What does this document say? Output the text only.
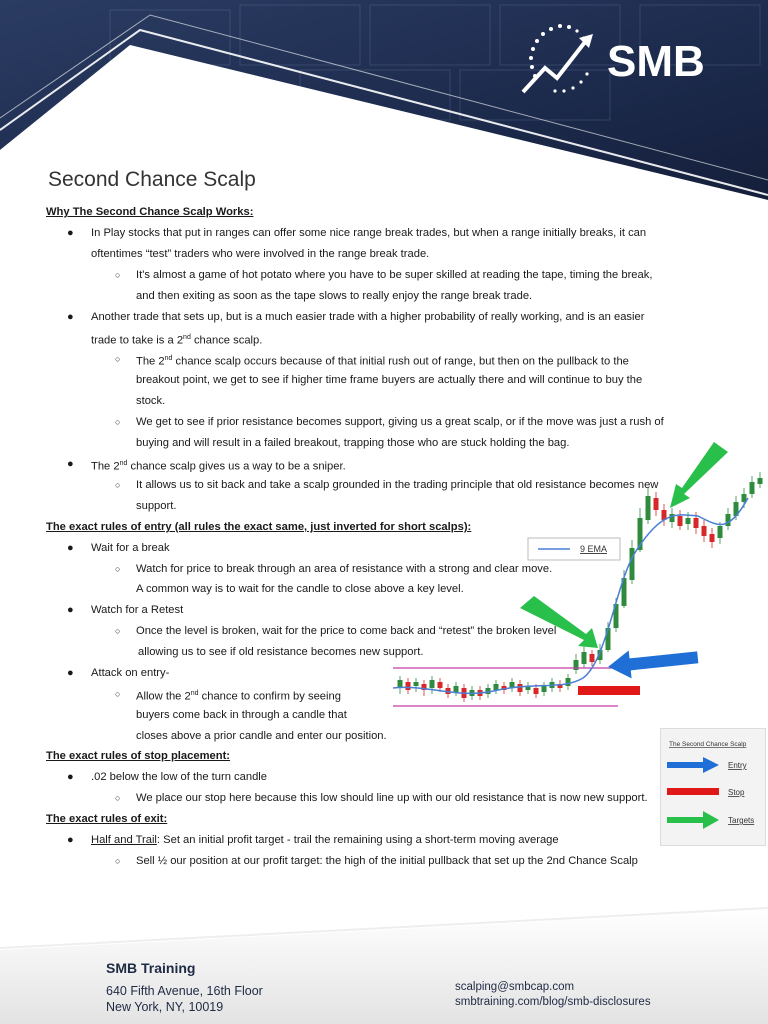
SMB
Second Chance Scalp
Why The Second Chance Scalp Works:
● In Play stocks that put in ranges can offer some nice range break trades, but when a range initially breaks, it can
oftentimes “test” traders who were involved in the range break trade.
○ It's almost a game of hot potato where you have to be super skilled at reading the tape, timing the break,
and then exiting as soon as the tape slows to really enjoy the range break trade.
● Another trade that sets up, but is a much easier trade with a higher probability of really working, and is an easier
trade to take is a 2nd chance scalp.
○ The 2nd chance scalp occurs because of that initial rush out of range, but then on the pullback to the
breakout point, we get to see if higher time frame buyers are actually there and will continue to buy the
stock.
○ We get to see if prior resistance becomes support, giving us a great scalp, or if the move was just a rush of
buying and will result in a failed breakout, trapping those who are stuck holding the bag.
● The 2nd chance scalp gives us a way to be a sniper.
○ It allows us to sit back and take a scalp grounded in the trading principle that old resistance becomes new
support.
The exact rules of entry (all rules the exact same, just inverted for short scalps):
● Wait for a break
○ Watch for price to break through an area of resistance with a strong and clear move.
A common way is to wait for the candle to close above a key level.
● Watch for a Retest
○ Once the level is broken, wait for the price to come back and “retest” the broken level
allowing us to see if old resistance becomes new support.
● Attack on entry-
○ Allow the 2nd chance to confirm by seeing
buyers come back in through a candle that
closes above a prior candle and enter our position.
The exact rules of stop placement:
● .02 below the low of the turn candle
○ We place our stop here because this low should line up with our old resistance that is now new support.
The exact rules of exit:
● Half and Trail: Set an initial profit target - trail the remaining using a short-term moving average
○ Sell ½ our position at our profit target: the high of the initial pullback that set up the 2nd Chance Scalp
9 EMA
The Second Chance Scalp
Entry
Stop
Targets
SMB Training
640 Fifth Avenue, 16th Floor
New York, NY, 10019
scalping@smbcap.com
smbtraining.com/blog/smb-disclosures
